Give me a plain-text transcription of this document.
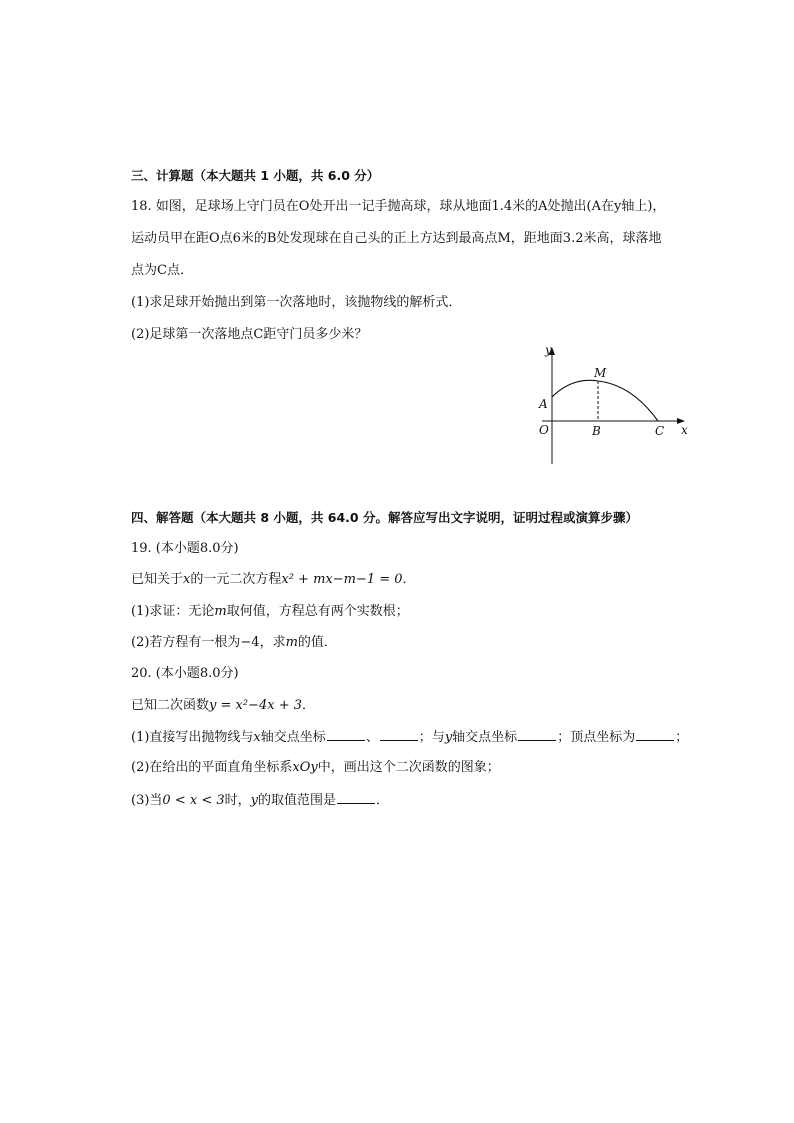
三、计算题（本大题共 1 小题，共 6.0 分）
18. 如图，足球场上守门员在O处开出一记手抛高球，球从地面1.4米的A处抛出(A在y轴上)，
运动员甲在距O点6米的B处发现球在自己头的正上方达到最高点M，距地面3.2米高，球落地
点为C点．
(1)求足球开始抛出到第一次落地时，该抛物线的解析式．
(2)足球第一次落地点C距守门员多少米？
y
x
O
A
M
B	C
四、解答题（本大题共 8 小题，共 64.0 分。解答应写出文字说明，证明过程或演算步骤）
19. (本小题8.0分)
已知关于x的一元二次方程x² + mx−m−1 = 0．
(1)求证：无论m取何值，方程总有两个实数根；
(2)若方程有一根为−4，求m的值．
20. (本小题8.0分)
已知二次函数y = x²−4x + 3．
(1)直接写出抛物线与x轴交点坐标	、	；与y轴交点坐标	；顶点坐标为	；
(2)在给出的平面直角坐标系xOy中，画出这个二次函数的图象；
(3)当0 < x < 3时，y的取值范围是	．
